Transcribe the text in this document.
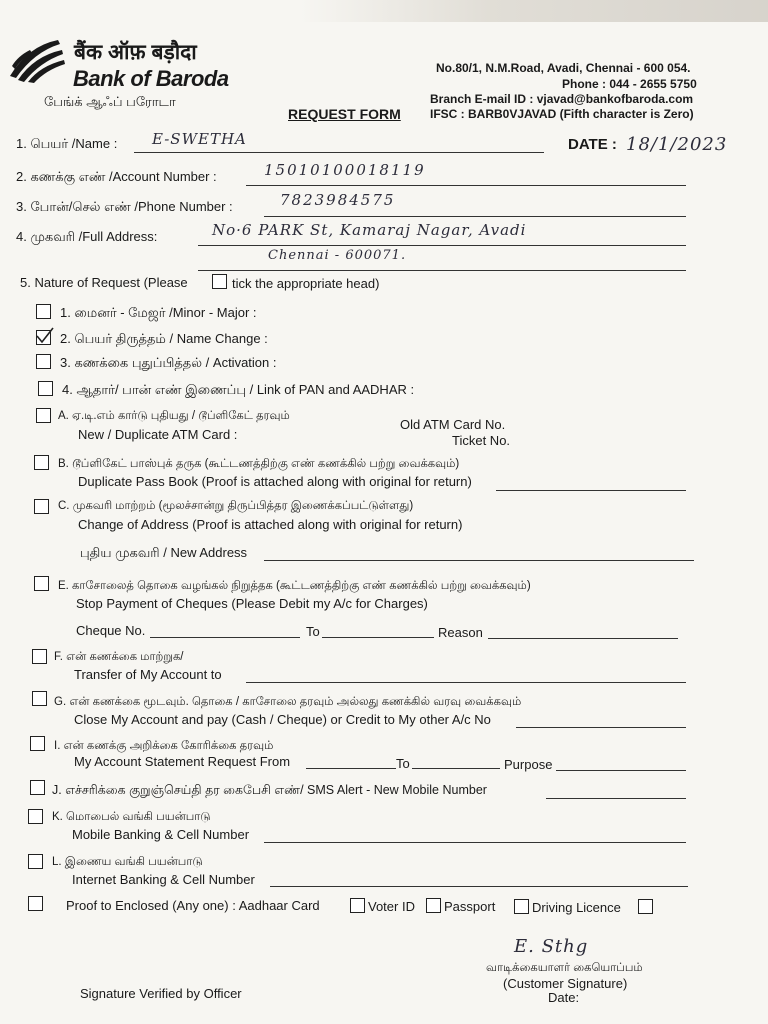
बैंक ऑफ़ बड़ौदा
Bank of Baroda
பேங்க் ஆஃப் பரோடா
REQUEST FORM
No.80/1, N.M.Road, Avadi, Chennai - 600 054.
Phone : 044 - 2655 5750
Branch E-mail ID : vjavad@bankofbaroda.com
IFSC : BARB0VJAVAD (Fifth character is Zero)
1. பெயர் /Name : E-SWETHA	DATE : 18/1/2023
2. கணக்கு எண் /Account Number :	15010100018119
3. போன்/செல் எண் /Phone Number :	7823984575
4. முகவரி /Full Address:	No·6 PARK St, Kamaraj Nagar, Avadi
Chennai - 600071.
5. Nature of Request (Please	tick the appropriate head)
1. மைனர் - மேஜர் /Minor - Major :
2. பெயர் திருத்தம் / Name Change :
3. கணக்கை புதுப்பித்தல் / Activation :
4. ஆதார்/ பான் எண் இணைப்பு / Link of PAN and AADHAR :
A. ஏ.டி.எம் கார்டு புதியது / டூப்ளிகேட் தரவும்
New / Duplicate ATM Card :
Old ATM Card No.
Ticket No.
B. டூப்ளிகேட் பாஸ்புக் தருக (கூட்டணத்திற்கு எண் கணக்கில் பற்று வைக்கவும்)
Duplicate Pass Book (Proof is attached along with original for return)
C. முகவரி மாற்றம் (மூலச்சான்று திருப்பித்தர இணைக்கப்பட்டுள்ளது)
Change of Address (Proof is attached along with original for return)
புதிய முகவரி / New Address
E. காசோலைத் தொகை வழங்கல் நிறுத்தக (கூட்டணத்திற்கு எண் கணக்கில் பற்று வைக்கவும்)
Stop Payment of Cheques (Please Debit my A/c for Charges)
Cheque No.	To	Reason
F. என் கணக்கை மாற்றுக/
Transfer of My Account to
G. என் கணக்கை மூடவும். தொகை / காசோலை தரவும் அல்லது கணக்கில் வரவு வைக்கவும்
Close My Account and pay (Cash / Cheque) or Credit to My other A/c No
I. என் கணக்கு அறிக்கை கோரிக்கை தரவும்
My Account Statement Request From	To	Purpose
J. எச்சரிக்கை குறுஞ்செய்தி தர கைபேசி எண்/ SMS Alert - New Mobile Number
K. மொபைல் வங்கி பயன்பாடு
Mobile Banking & Cell Number
L. இணைய வங்கி பயன்பாடு
Internet Banking & Cell Number
Proof to Enclosed (Any one) : Aadhaar Card	Voter ID Passport	Driving Licence
E. Sthg
வாடிக்கையாளர் கையொப்பம்
(Customer Signature)
Date:
Signature Verified by Officer
